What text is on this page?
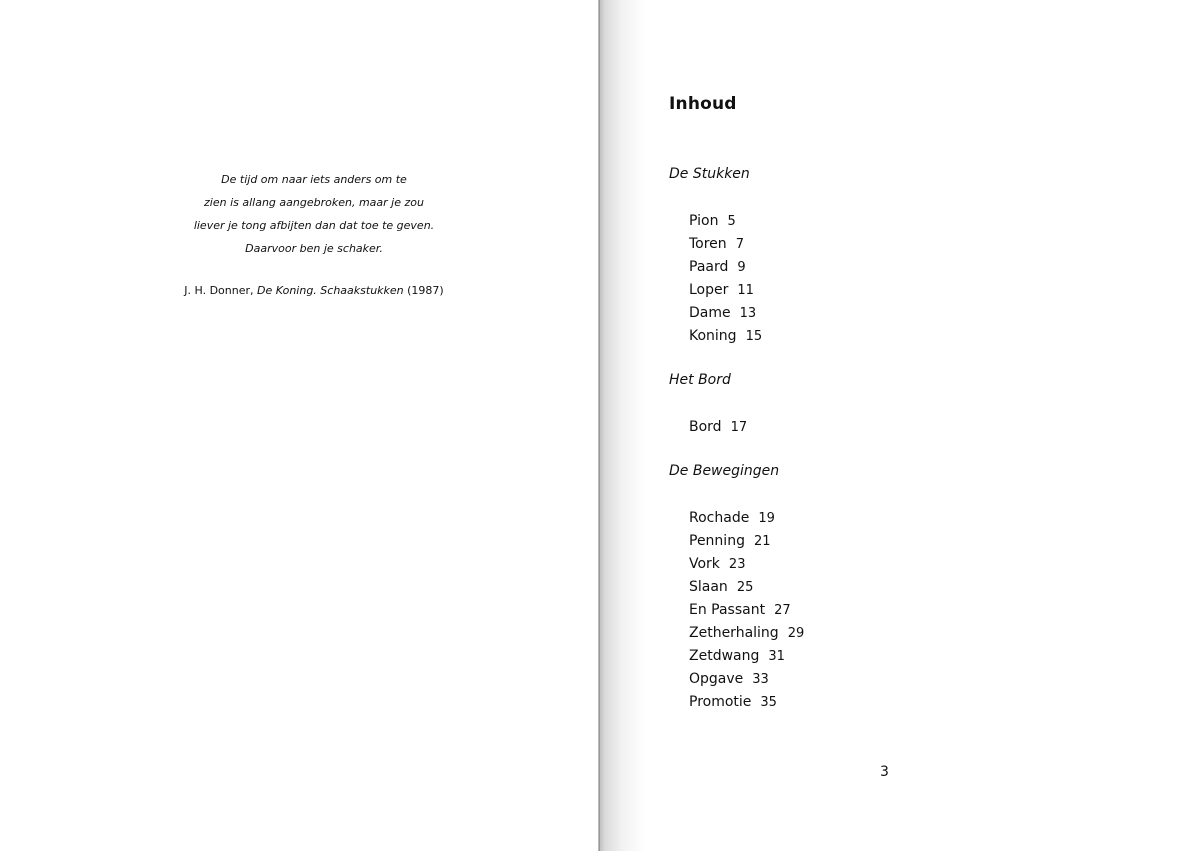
De tijd om naar iets anders om te
zien is allang aangebroken, maar je zou
liever je tong afbijten dan dat toe te geven.
Daarvoor ben je schaker.
J. H. Donner, De Koning. Schaakstukken (1987)
Inhoud
De Stukken
Pion 5
Toren 7
Paard 9
Loper 11
Dame 13
Koning 15
Het Bord
Bord 17
De Bewegingen
Rochade 19
Penning 21
Vork 23
Slaan 25
En Passant 27
Zetherhaling 29
Zetdwang 31
Opgave 33
Promotie 35
3
